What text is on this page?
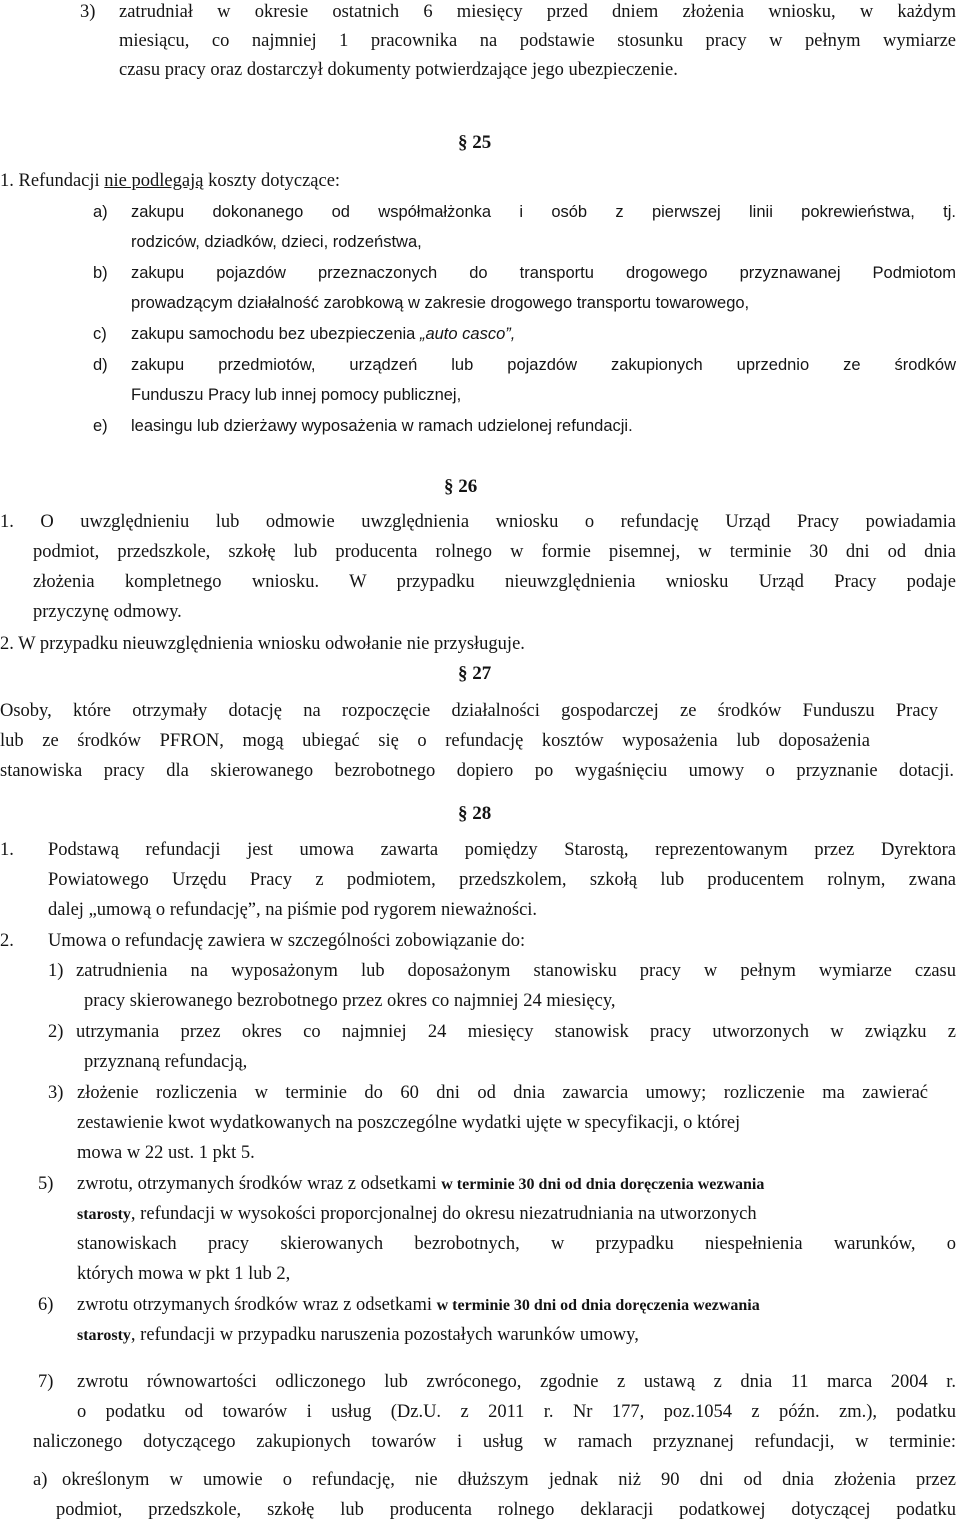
3) zatrudniał w okresie ostatnich 6 miesięcy przed dniem złożenia wniosku, w każdym
miesiącu, co najmniej 1 pracownika na podstawie stosunku pracy w pełnym wymiarze
czasu pracy oraz dostarczył dokumenty potwierdzające jego ubezpieczenie.
§ 25
1. Refundacji nie podlegają koszty dotyczące:
a) zakupu dokonanego od współmałżonka i osób z pierwszej linii pokrewieństwa, tj.
rodziców, dziadków, dzieci, rodzeństwa,
b) zakupu pojazdów przeznaczonych do transportu drogowego przyznawanej Podmiotom
prowadzącym działalność zarobkową w zakresie drogowego transportu towarowego,
c) zakupu samochodu bez ubezpieczenia „auto casco”,
d) zakupu przedmiotów, urządzeń lub pojazdów zakupionych uprzednio ze środków
Funduszu Pracy lub innej pomocy publicznej,
e) leasingu lub dzierżawy wyposażenia w ramach udzielonej refundacji.
§ 26
1. O uwzględnieniu lub odmowie uwzględnienia wniosku o refundację Urząd Pracy powiadamia
podmiot, przedszkole, szkołę lub producenta rolnego w formie pisemnej, w terminie 30 dni od dnia
złożenia kompletnego wniosku. W przypadku nieuwzględnienia wniosku Urząd Pracy podaje
przyczynę odmowy.
2. W przypadku nieuwzględnienia wniosku odwołanie nie przysługuje.
§ 27
Osoby, które otrzymały dotację na rozpoczęcie działalności gospodarczej ze środków Funduszu Pracy
lub ze środków PFRON, mogą ubiegać się o refundację kosztów wyposażenia lub doposażenia
stanowiska pracy dla skierowanego bezrobotnego dopiero po wygaśnięciu umowy o przyznanie dotacji.
§ 28
1. Podstawą refundacji jest umowa zawarta pomiędzy Starostą, reprezentowanym przez Dyrektora
Powiatowego Urzędu Pracy z podmiotem, przedszkolem, szkołą lub producentem rolnym, zwana
dalej „umową o refundację”, na piśmie pod rygorem nieważności.
2. Umowa o refundację zawiera w szczególności zobowiązanie do:
1) zatrudnienia na wyposażonym lub doposażonym stanowisku pracy w pełnym wymiarze czasu
pracy skierowanego bezrobotnego przez okres co najmniej 24 miesięcy,
2) utrzymania przez okres co najmniej 24 miesięcy stanowisk pracy utworzonych w związku z
przyznaną refundacją,
3) złożenie rozliczenia w terminie do 60 dni od dnia zawarcia umowy; rozliczenie ma zawierać
zestawienie kwot wydatkowanych na poszczególne wydatki ujęte w specyfikacji, o której
mowa w 22 ust. 1 pkt 5.
5) zwrotu, otrzymanych środków wraz z odsetkami w terminie 30 dni od dnia doręczenia wezwania
starosty, refundacji w wysokości proporcjonalnej do okresu niezatrudniania na utworzonych
stanowiskach pracy skierowanych bezrobotnych, w przypadku niespełnienia warunków, o
których mowa w pkt 1 lub 2,
6) zwrotu otrzymanych środków wraz z odsetkami w terminie 30 dni od dnia doręczenia wezwania
starosty, refundacji w przypadku naruszenia pozostałych warunków umowy,
7) zwrotu równowartości odliczonego lub zwróconego, zgodnie z ustawą z dnia 11 marca 2004 r.
o podatku od towarów i usług (Dz.U. z 2011 r. Nr 177, poz.1054 z późn. zm.), podatku
naliczonego dotyczącego zakupionych towarów i usług w ramach przyznanej refundacji, w terminie:
a) określonym w umowie o refundację, nie dłuższym jednak niż 90 dni od dnia złożenia przez
podmiot, przedszkole, szkołę lub producenta rolnego deklaracji podatkowej dotyczącej podatku
